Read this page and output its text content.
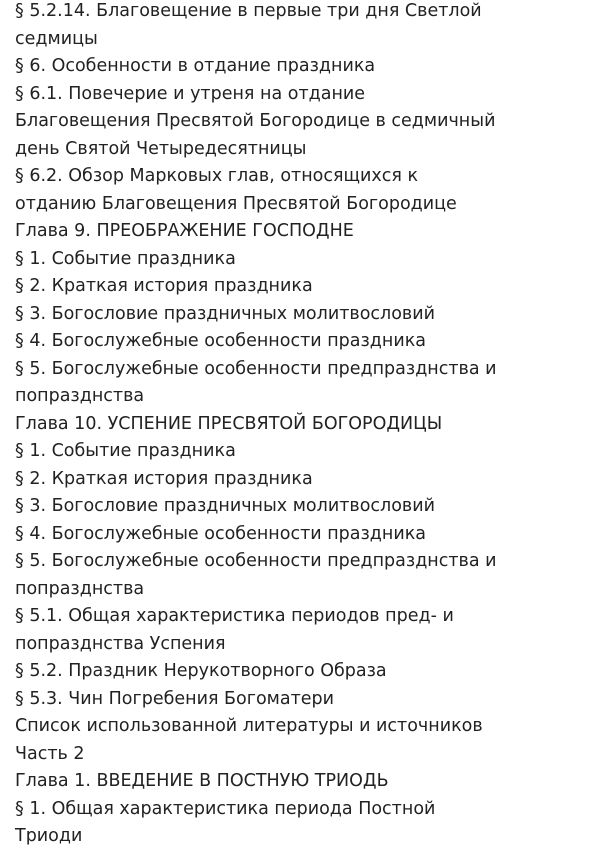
§ 5.2.14. Благовещение в первые три дня Светлой
седмицы
§ 6. Особенности в отдание праздника
§ 6.1. Повечерие и утреня на отдание
Благовещения Пресвятой Богородице в седмичный
день Святой Четыредесятницы
§ 6.2. Обзор Марковых глав, относящихся к
отданию Благовещения Пресвятой Богородице
Глава 9. ПРЕОБРАЖЕНИЕ ГОСПОДНЕ
§ 1. Событие праздника
§ 2. Краткая история праздника
§ 3. Богословие праздничных молитвословий
§ 4. Богослужебные особенности праздника
§ 5. Богослужебные особенности предпразднства и
попразднства
Глава 10. УСПЕНИЕ ПРЕСВЯТОЙ БОГОРОДИЦЫ
§ 1. Событие праздника
§ 2. Краткая история праздника
§ 3. Богословие праздничных молитвословий
§ 4. Богослужебные особенности праздника
§ 5. Богослужебные особенности предпразднства и
попразднства
§ 5.1. Общая характеристика периодов пред- и
попразднства Успения
§ 5.2. Праздник Нерукотворного Образа
§ 5.3. Чин Погребения Богоматери
Список использованной литературы и источников
Часть 2
Глава 1. ВВЕДЕНИЕ В ПОСТНУЮ ТРИОДЬ
§ 1. Общая характеристика периода Постной
Триоди
